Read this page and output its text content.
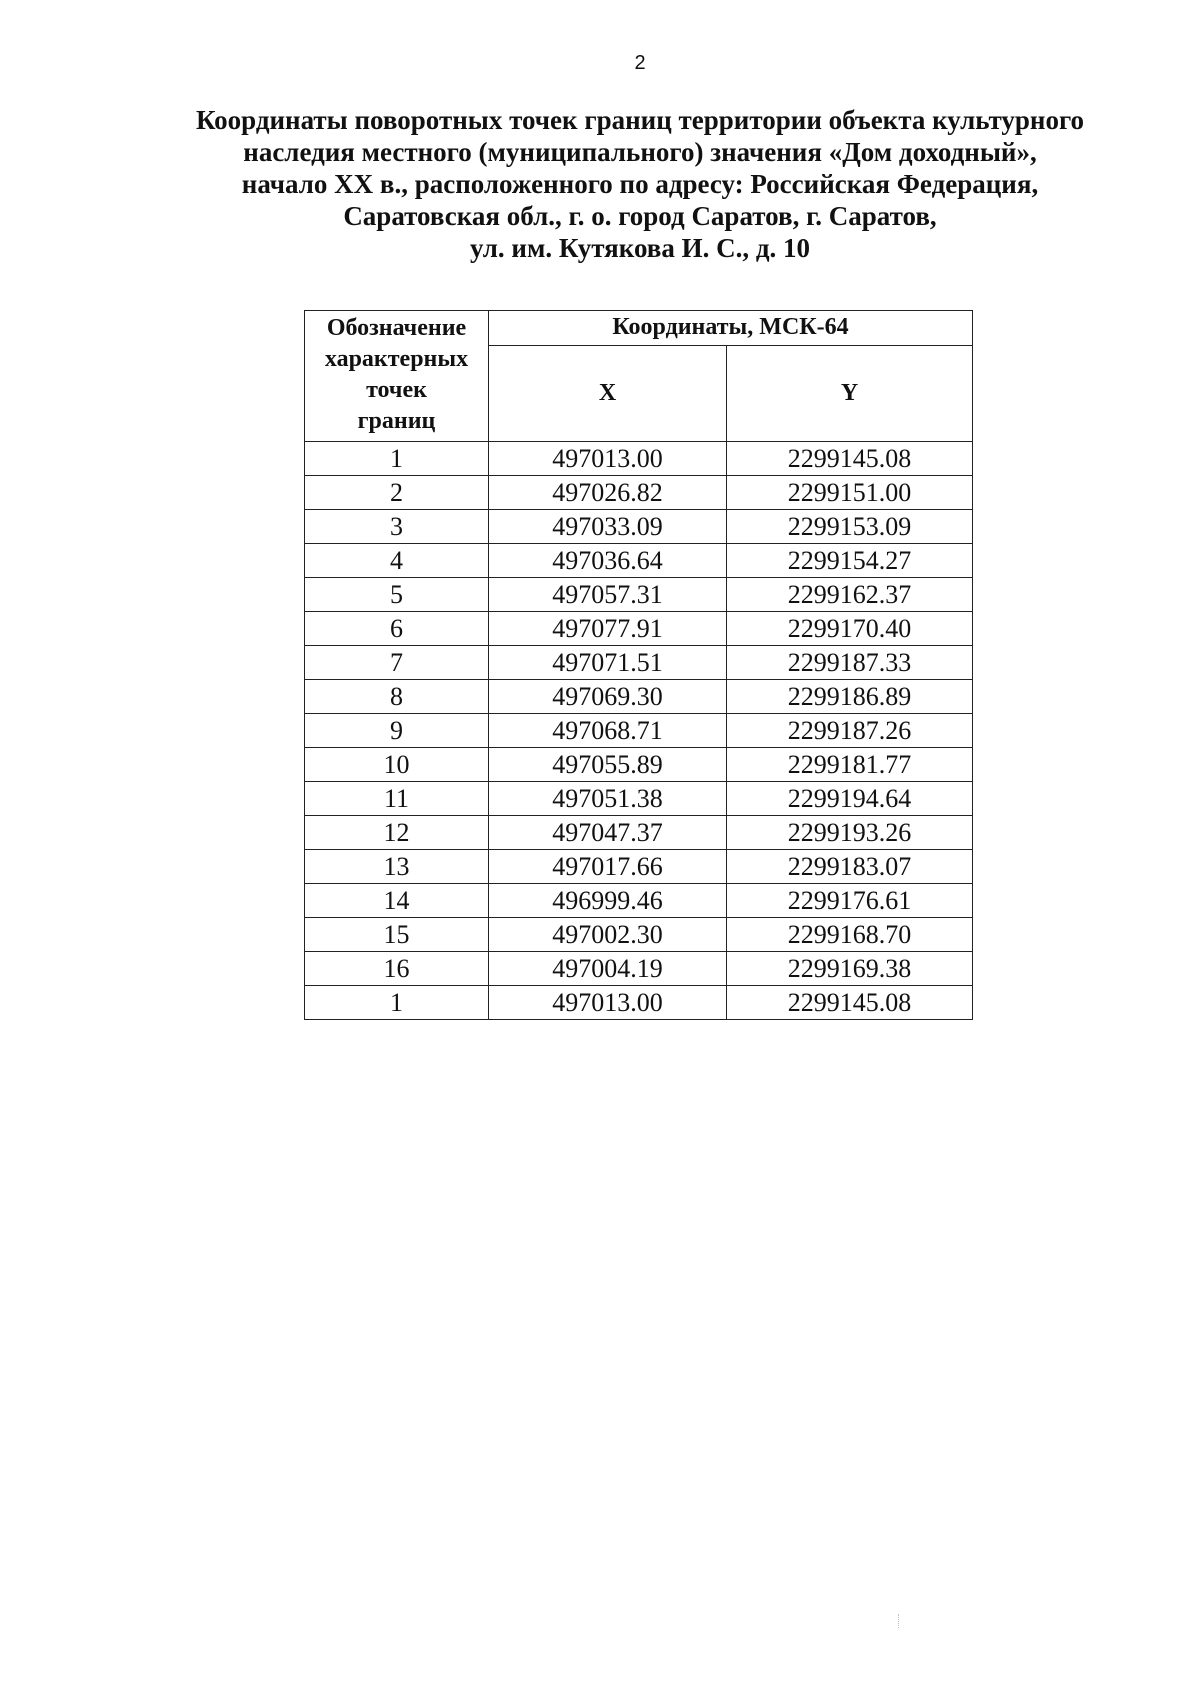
2
Координаты поворотных точек границ территории объекта культурного
наследия местного (муниципального) значения «Дом доходный»,
начало XX в., расположенного по адресу: Российская Федерация,
Саратовская обл., г. о. город Саратов, г. Саратов,
ул. им. Кутякова И. С., д. 10
Обозначение
характерных
точек
границ	Координаты, МСК-64	
	X	Y
1	497013.00	2299145.08
2	497026.82	2299151.00
3	497033.09	2299153.09
4	497036.64	2299154.27
5	497057.31	2299162.37
6	497077.91	2299170.40
7	497071.51	2299187.33
8	497069.30	2299186.89
9	497068.71	2299187.26
10	497055.89	2299181.77
11	497051.38	2299194.64
12	497047.37	2299193.26
13	497017.66	2299183.07
14	496999.46	2299176.61
15	497002.30	2299168.70
16	497004.19	2299169.38
1	497013.00	2299145.08
